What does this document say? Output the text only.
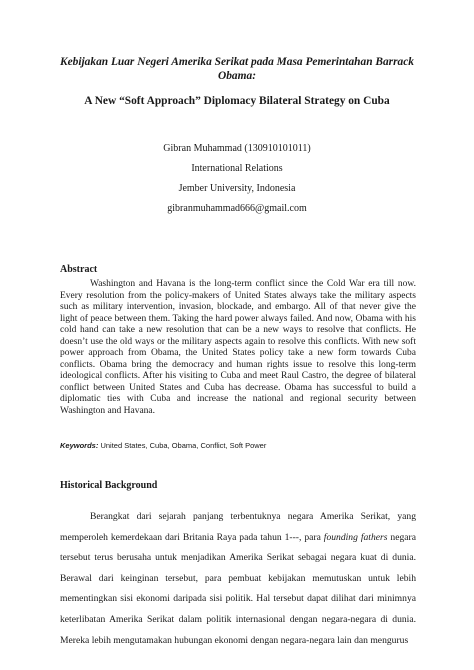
Kebijakan Luar Negeri Amerika Serikat pada Masa Pemerintahan Barrack Obama:
A New “Soft Approach” Diplomacy Bilateral Strategy on Cuba
Gibran Muhammad (130910101011)
International Relations
Jember University, Indonesia
gibranmuhammad666@gmail.com
Abstract
Washington and Havana is the long-term conflict since the Cold War era till now. Every resolution from the policy-makers of United States always take the military aspects such as military intervention, invasion, blockade, and embargo. All of that never give the light of peace between them. Taking the hard power always failed. And now, Obama with his cold hand can take a new resolution that can be a new ways to resolve that conflicts. He doesn’t use the old ways or the military aspects again to resolve this conflicts. With new soft power approach from Obama, the United States policy take a new form towards Cuba conflicts. Obama bring the democracy and human rights issue to resolve this long-term ideological conflicts. After his visiting to Cuba and meet Raul Castro, the degree of bilateral conflict between United States and Cuba has decrease. Obama has successful to build a diplomatic ties with Cuba and increase the national and regional security between Washington and Havana.
Keywords: United States, Cuba, Obama, Conflict, Soft Power
Historical Background
Berangkat dari sejarah panjang terbentuknya negara Amerika Serikat, yang memperoleh kemerdekaan dari Britania Raya pada tahun 1---, para founding fathers negara tersebut terus berusaha untuk menjadikan Amerika Serikat sebagai negara kuat di dunia. Berawal dari keinginan tersebut, para pembuat kebijakan memutuskan untuk lebih mementingkan sisi ekonomi daripada sisi politik. Hal tersebut dapat dilihat dari minimnya keterlibatan Amerika Serikat dalam politik internasional dengan negara-negara di dunia. Mereka lebih mengutamakan hubungan ekonomi dengan negara-negara lain dan mengurus
